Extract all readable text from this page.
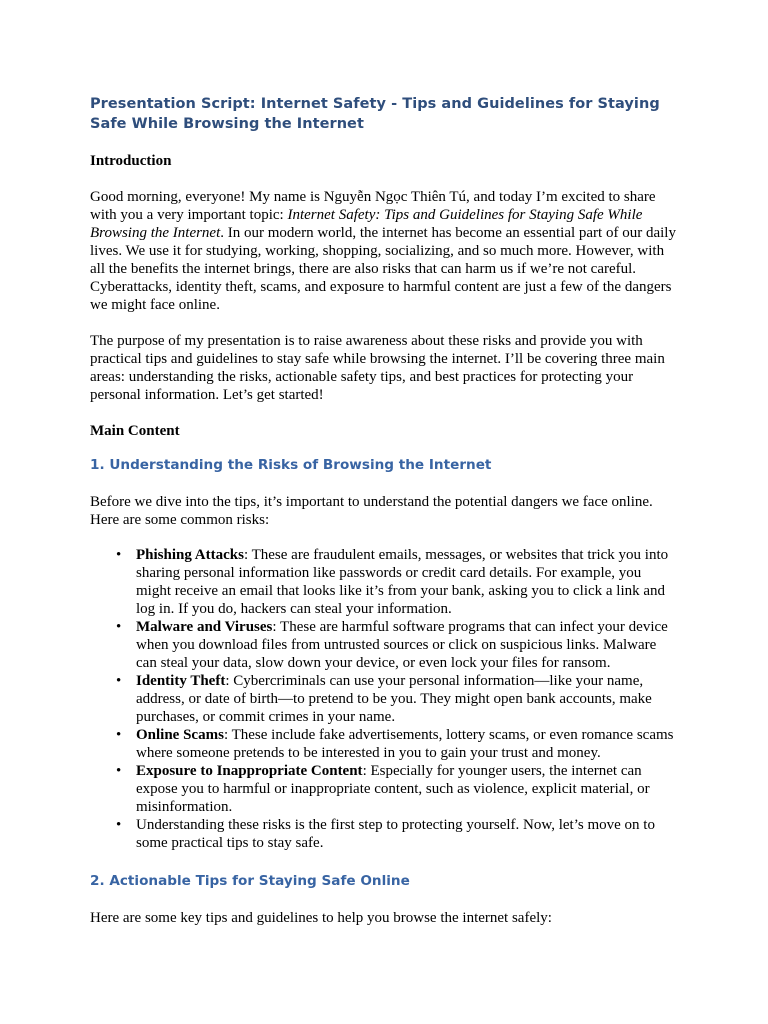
Presentation Script: Internet Safety - Tips and Guidelines for Staying Safe While Browsing the Internet
Introduction

Good morning, everyone! My name is Nguyễn Ngọc Thiên Tú, and today I’m excited to share with you a very important topic: Internet Safety: Tips and Guidelines for Staying Safe While Browsing the Internet. In our modern world, the internet has become an essential part of our daily lives. We use it for studying, working, shopping, socializing, and so much more. However, with all the benefits the internet brings, there are also risks that can harm us if we’re not careful. Cyberattacks, identity theft, scams, and exposure to harmful content are just a few of the dangers we might face online.

The purpose of my presentation is to raise awareness about these risks and provide you with practical tips and guidelines to stay safe while browsing the internet. I’ll be covering three main areas: understanding the risks, actionable safety tips, and best practices for protecting your personal information. Let’s get started!

Main Content
1. Understanding the Risks of Browsing the Internet

Before we dive into the tips, it’s important to understand the potential dangers we face online. Here are some common risks:

• Phishing Attacks: These are fraudulent emails, messages, or websites that trick you into sharing personal information like passwords or credit card details. For example, you might receive an email that looks like it’s from your bank, asking you to click a link and log in. If you do, hackers can steal your information.
• Malware and Viruses: These are harmful software programs that can infect your device when you download files from untrusted sources or click on suspicious links. Malware can steal your data, slow down your device, or even lock your files for ransom.
• Identity Theft: Cybercriminals can use your personal information—like your name, address, or date of birth—to pretend to be you. They might open bank accounts, make purchases, or commit crimes in your name.
• Online Scams: These include fake advertisements, lottery scams, or even romance scams where someone pretends to be interested in you to gain your trust and money.
• Exposure to Inappropriate Content: Especially for younger users, the internet can expose you to harmful or inappropriate content, such as violence, explicit material, or misinformation.
• Understanding these risks is the first step to protecting yourself. Now, let’s move on to some practical tips to stay safe.
2. Actionable Tips for Staying Safe Online

Here are some key tips and guidelines to help you browse the internet safely:
